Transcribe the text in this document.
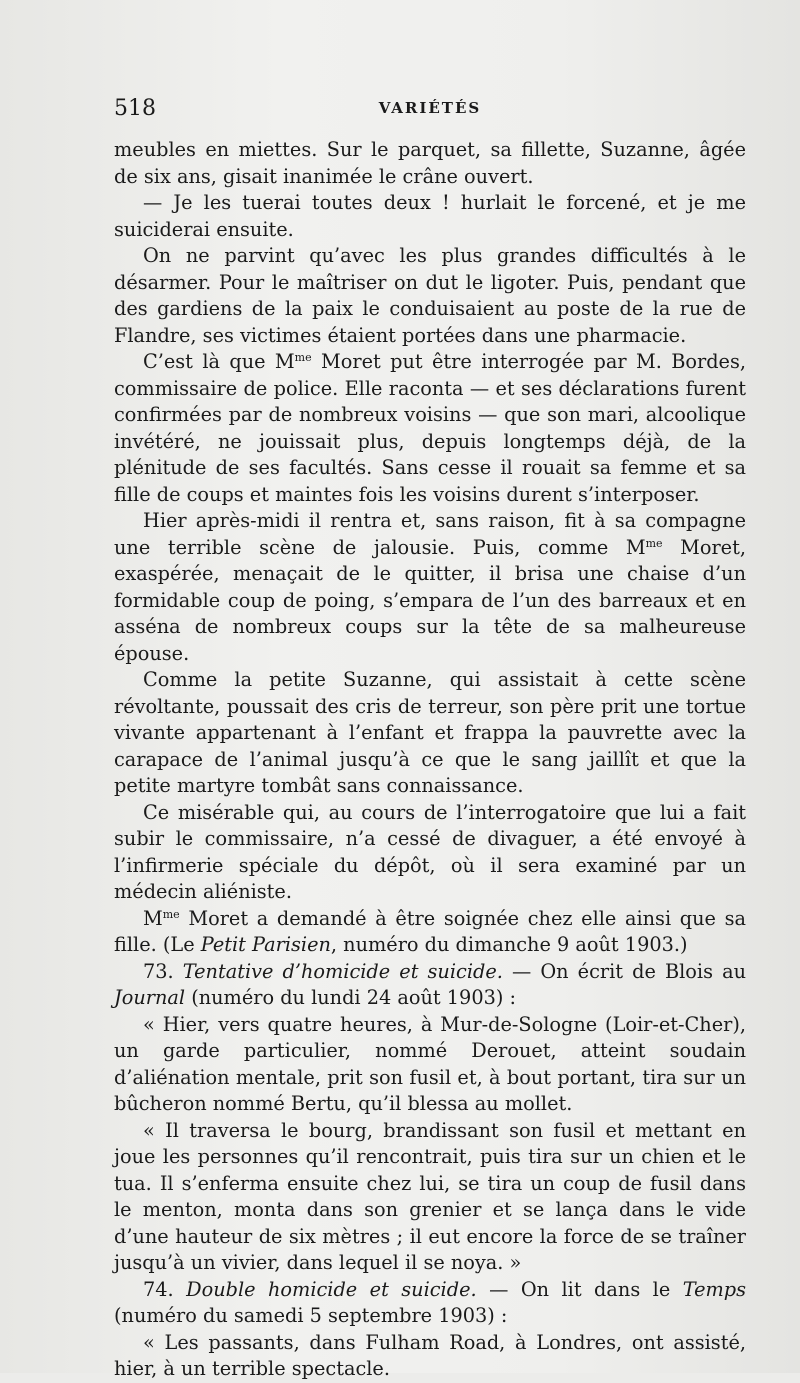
518	VARIÉTÉS

meubles en miettes. Sur le parquet, sa fillette, Suzanne, âgée de six ans, gisait inanimée le crâne ouvert.

— Je les tuerai toutes deux ! hurlait le forcené, et je me suiciderai ensuite.

On ne parvint qu’avec les plus grandes difficultés à le désarmer. Pour le maîtriser on dut le ligoter. Puis, pendant que des gardiens de la paix le conduisaient au poste de la rue de Flandre, ses victimes étaient portées dans une pharmacie.

C’est là que $M^{me}$ Moret put être interrogée par M. Bordes, commissaire de police. Elle raconta — et ses déclarations furent confirmées par de nombreux voisins — que son mari, alcoolique invétéré, ne jouissait plus, depuis longtemps déjà, de la plénitude de ses facultés. Sans cesse il rouait sa femme et sa fille de coups et maintes fois les voisins durent s’interposer.

Hier après-midi il rentra et, sans raison, fit à sa compagne une terrible scène de jalousie. Puis, comme $M^{me}$ Moret, exaspérée, menaçait de le quitter, il brisa une chaise d’un formidable coup de poing, s’empara de l’un des barreaux et en asséna de nombreux coups sur la tête de sa malheureuse épouse.

Comme la petite Suzanne, qui assistait à cette scène révoltante, poussait des cris de terreur, son père prit une tortue vivante appartenant à l’enfant et frappa la pauvrette avec la carapace de l’animal jusqu’à ce que le sang jaillît et que la petite martyre tombât sans connaissance.

Ce misérable qui, au cours de l’interrogatoire que lui a fait subir le commissaire, n’a cessé de divaguer, a été envoyé à l’infirmerie spéciale du dépôt, où il sera examiné par un médecin aliéniste.

$M^{me}$ Moret a demandé à être soignée chez elle ainsi que sa fille. (Le Petit Parisien, numéro du dimanche 9 août 1903.)

73. Tentative d’homicide et suicide. — On écrit de Blois au Journal (numéro du lundi 24 août 1903) :

« Hier, vers quatre heures, à Mur-de-Sologne (Loir-et-Cher), un garde particulier, nommé Derouet, atteint soudain d’aliénation mentale, prit son fusil et, à bout portant, tira sur un bûcheron nommé Bertu, qu’il blessa au mollet.

« Il traversa le bourg, brandissant son fusil et mettant en joue les personnes qu’il rencontrait, puis tira sur un chien et le tua. Il s’enferma ensuite chez lui, se tira un coup de fusil dans le menton, monta dans son grenier et se lança dans le vide d’une hauteur de six mètres ; il eut encore la force de se traîner jusqu’à un vivier, dans lequel il se noya. »

74. Double homicide et suicide. — On lit dans le Temps (numéro du samedi 5 septembre 1903) :

« Les passants, dans Fulham Road, à Londres, ont assisté, hier, à un terrible spectacle.
